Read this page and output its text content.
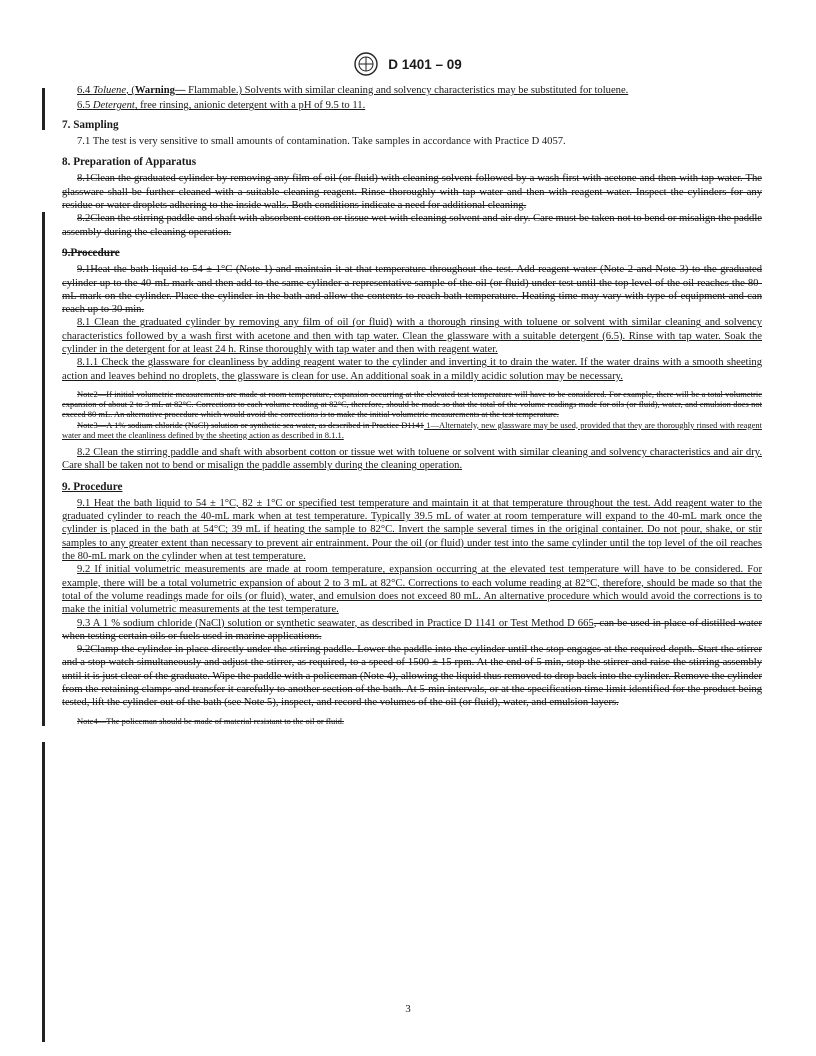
D 1401 – 09

6.4 Toluene, (Warning— Flammable.) Solvents with similar cleaning and solvency characteristics may be substituted for toluene.

6.5 Detergent, free rinsing, anionic detergent with a pH of 9.5 to 11.

7. Sampling

7.1 The test is very sensitive to small amounts of contamination. Take samples in accordance with Practice D 4057.

8. Preparation of Apparatus

8.1Clean the graduated cylinder by removing any film of oil (or fluid) with cleaning solvent followed by a wash first with acetone and then with tap water. The glassware shall be further cleaned with a suitable cleaning reagent. Rinse thoroughly with tap water and then with reagent water. Inspect the cylinders for any residue or water droplets adhering to the inside walls. Both conditions indicate a need for additional cleaning.

8.2Clean the stirring paddle and shaft with absorbent cotton or tissue wet with cleaning solvent and air dry. Care must be taken not to bend or misalign the paddle assembly during the cleaning operation.

9.Procedure

9.1Heat the bath liquid to 54 ± 1°C (Note 1) and maintain it at that temperature throughout the test. Add reagent water (Note 2 and Note 3) to the graduated cylinder up to the 40-mL mark and then add to the same cylinder a representative sample of the oil (or fluid) under test until the top level of the oil reaches the 80-mL mark on the cylinder. Place the cylinder in the bath and allow the contents to reach bath temperature. Heating time may vary with type of equipment and can reach up to 30 min.

8.1 Clean the graduated cylinder by removing any film of oil (or fluid) with a thorough rinsing with toluene or solvent with similar cleaning and solvency characteristics followed by a wash first with acetone and then with tap water. Clean the glassware with a suitable detergent (6.5). Rinse with tap water. Soak the cylinder in the detergent for at least 24 h. Rinse thoroughly with tap water and then with reagent water.

8.1.1 Check the glassware for cleanliness by adding reagent water to the cylinder and inverting it to drain the water. If the water drains with a smooth sheeting action and leaves behind no droplets, the glassware is clean for use. An additional soak in a mildly acidic solution may be necessary.

Note2—If initial volumetric measurements are made at room temperature, expansion occurring at the elevated test temperature will have to be considered. For example, there will be a total volumetric expansion of about 2 to 3 mL at 82°C. Corrections to each volume reading at 82°C, therefore, should be made so that the total of the volume readings made for oils (or fluid), water, and emulsion does not exceed 80 mL. An alternative procedure which would avoid the corrections is to make the initial volumetric measurements at the test temperature.

Note3—A 1% sodium chloride (NaCl) solution or synthetic sea water, as described in Practice D1141 1—Alternately, new glassware may be used, provided that they are thoroughly rinsed with reagent water and meet the cleanliness defined by the sheeting action as described in 8.1.1.

8.2 Clean the stirring paddle and shaft with absorbent cotton or tissue wet with toluene or solvent with similar cleaning and solvency characteristics and air dry. Care shall be taken not to bend or misalign the paddle assembly during the cleaning operation.

9. Procedure

9.1 Heat the bath liquid to 54 ± 1°C, 82 ± 1°C or specified test temperature and maintain it at that temperature throughout the test. Add reagent water to the graduated cylinder to reach the 40-mL mark when at test temperature. Typically 39.5 mL of water at room temperature will expand to the 40-mL mark once the cylinder is placed in the bath at 54°C; 39 mL if heating the sample to 82°C. Invert the sample several times in the original container. Do not pour, shake, or stir samples to any greater extent than necessary to prevent air entrainment. Pour the oil (or fluid) under test into the same cylinder until the top level of the oil reaches the 80-mL mark on the cylinder when at test temperature.

9.2 If initial volumetric measurements are made at room temperature, expansion occurring at the elevated test temperature will have to be considered. For example, there will be a total volumetric expansion of about 2 to 3 mL at 82°C. Corrections to each volume reading at 82°C, therefore, should be made so that the total of the volume readings made for oils (or fluid), water, and emulsion does not exceed 80 mL. An alternative procedure which would avoid the corrections is to make the initial volumetric measurements at the test temperature.

9.3 A 1 % sodium chloride (NaCl) solution or synthetic seawater, as described in Practice D 1141 or Test Method D 665, can be used in place of distilled water when testing certain oils or fuels used in marine applications.

9.2Clamp the cylinder in place directly under the stirring paddle. Lower the paddle into the cylinder until the stop engages at the required depth. Start the stirrer and a stop watch simultaneously and adjust the stirrer, as required, to a speed of 1500 ± 15 rpm. At the end of 5 min, stop the stirrer and raise the stirring assembly until it is just clear of the graduate. Wipe the paddle with a policeman (Note 4), allowing the liquid thus removed to drop back into the cylinder. Remove the cylinder from the retaining clamps and transfer it carefully to another section of the bath. At 5-min intervals, or at the specification time limit identified for the product being tested, lift the cylinder out of the bath (see Note 5), inspect, and record the volumes of the oil (or fluid), water, and emulsion layers.

Note4—The policeman should be made of material resistant to the oil or fluid.

3
